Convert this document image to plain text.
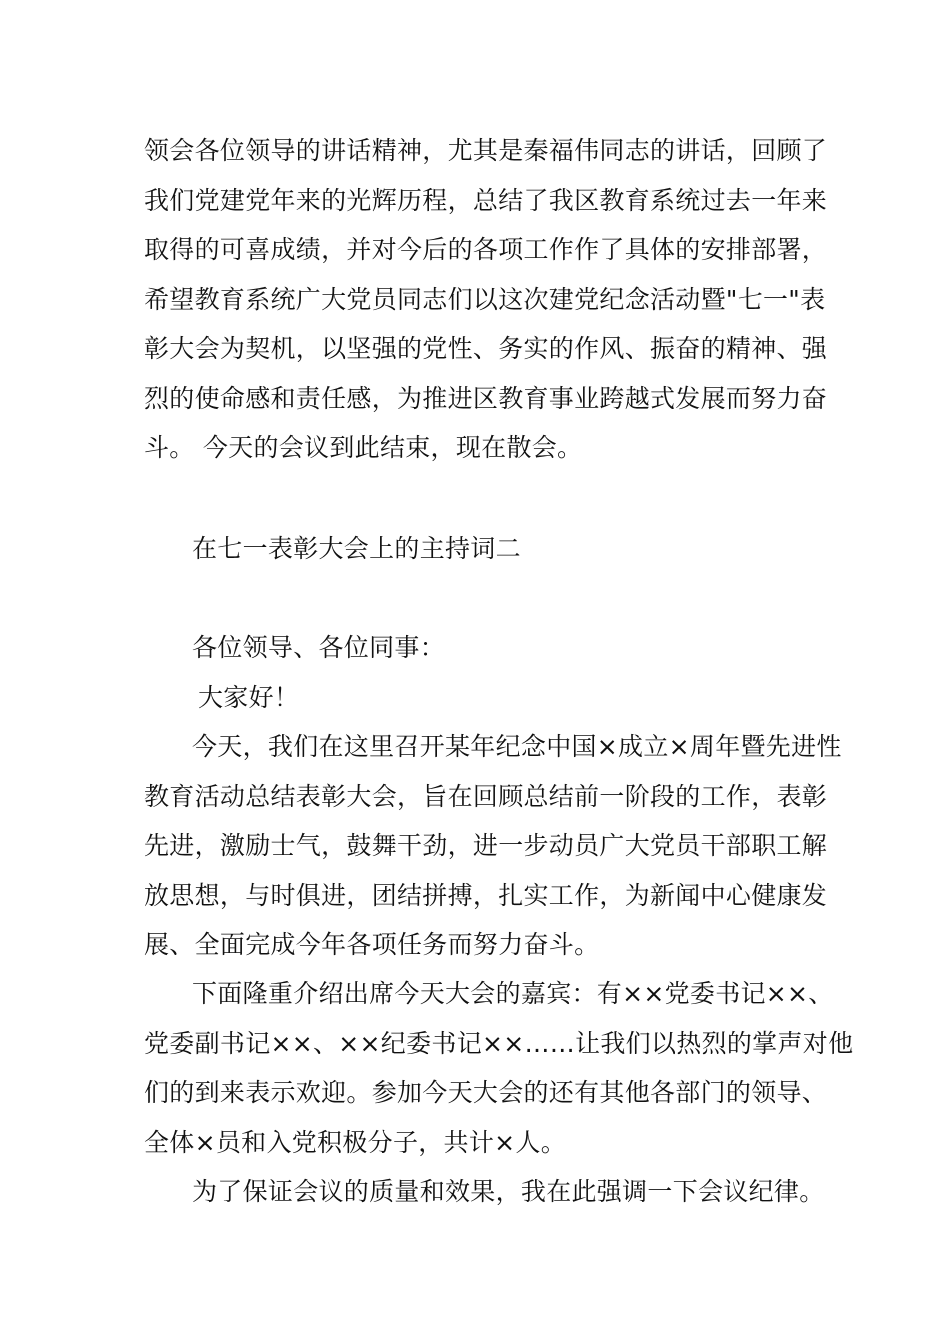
领会各位领导的讲话精神，尤其是秦福伟同志的讲话，回顾了
我们党建党年来的光辉历程，总结了我区教育系统过去一年来
取得的可喜成绩，并对今后的各项工作作了具体的安排部署，
希望教育系统广大党员同志们以这次建党纪念活动暨"七一"表
彰大会为契机，以坚强的党性、务实的作风、振奋的精神、强
烈的使命感和责任感，为推进区教育事业跨越式发展而努力奋
斗。 今天的会议到此结束，现在散会。
在七一表彰大会上的主持词二
各位领导、各位同事：
大家好！
今天，我们在这里召开某年纪念中国×成立×周年暨先进性
教育活动总结表彰大会，旨在回顾总结前一阶段的工作，表彰
先进，激励士气，鼓舞干劲，进一步动员广大党员干部职工解
放思想，与时俱进，团结拼搏，扎实工作，为新闻中心健康发
展、全面完成今年各项任务而努力奋斗。
下面隆重介绍出席今天大会的嘉宾：有××党委书记××、
党委副书记××、××纪委书记××……让我们以热烈的掌声对他
们的到来表示欢迎。参加今天大会的还有其他各部门的领导、
全体×员和入党积极分子，共计×人。
为了保证会议的质量和效果，我在此强调一下会议纪律。
